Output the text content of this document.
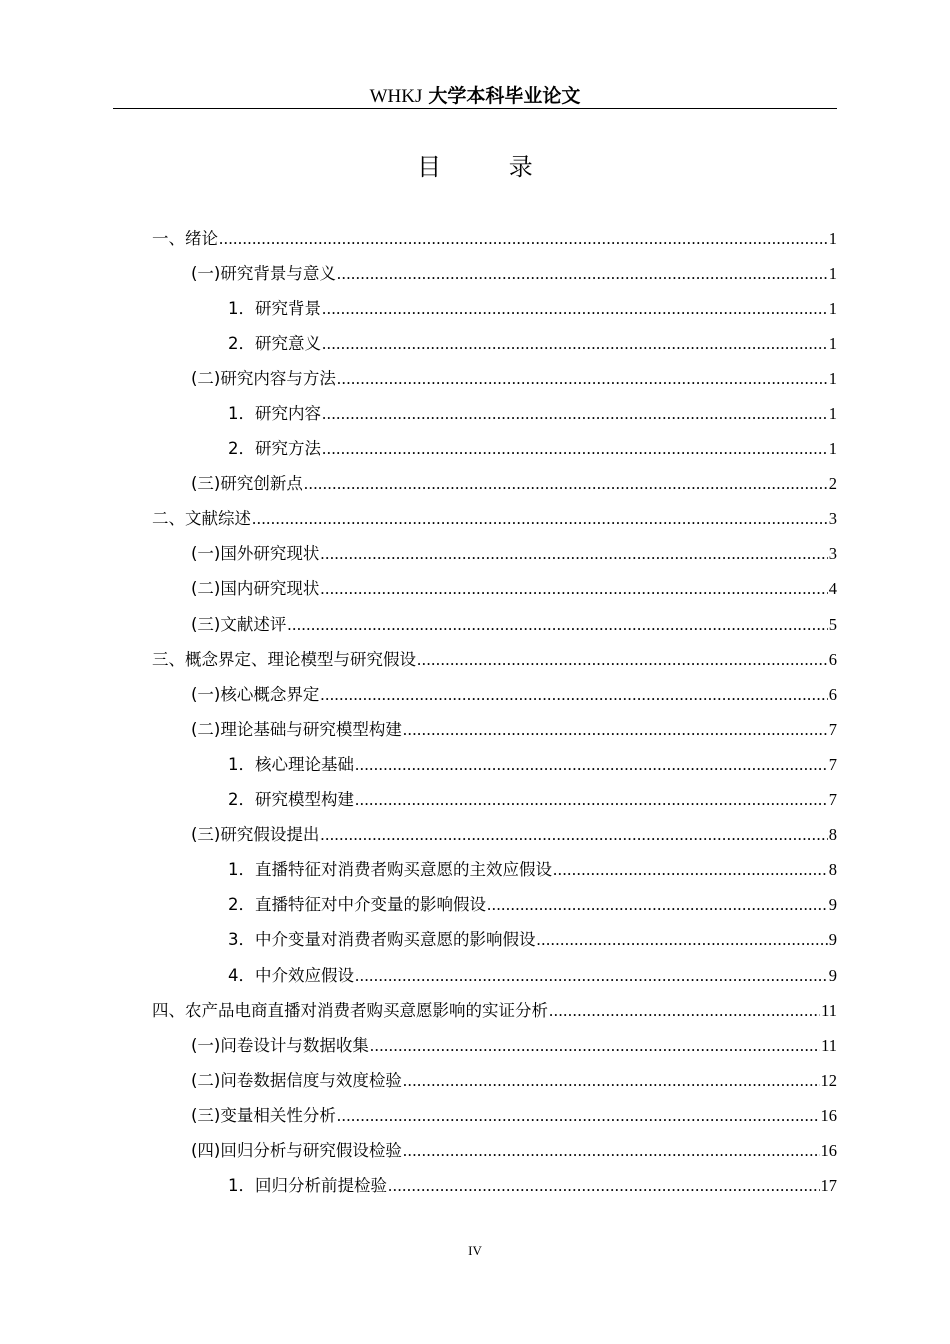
WHKJ 大学本科毕业论文
目 录
一、绪论 .....	1
(一)研究背景与意义 .....	1
1．研究背景 .....	1
2．研究意义 .....	1
(二)研究内容与方法 .....	1
1．研究内容 .....	1
2．研究方法 .....	1
(三)研究创新点 .....	2
二、文献综述 .....	3
(一)国外研究现状 .....	3
(二)国内研究现状 .....	4
(三)文献述评 .....	5
三、概念界定、理论模型与研究假设 .....	6
(一)核心概念界定 .....	6
(二)理论基础与研究模型构建 .....	7
1．核心理论基础 .....	7
2．研究模型构建 .....	7
(三)研究假设提出 .....	8
1．直播特征对消费者购买意愿的主效应假设 .....	8
2．直播特征对中介变量的影响假设 .....	9
3．中介变量对消费者购买意愿的影响假设 .....	9
4．中介效应假设 .....	9
四、农产品电商直播对消费者购买意愿影响的实证分析 .....	11
(一)问卷设计与数据收集 .....	11
(二)问卷数据信度与效度检验 .....	12
(三)变量相关性分析 .....	16
(四)回归分析与研究假设检验 .....	16
1．回归分析前提检验 .....	17
IV
